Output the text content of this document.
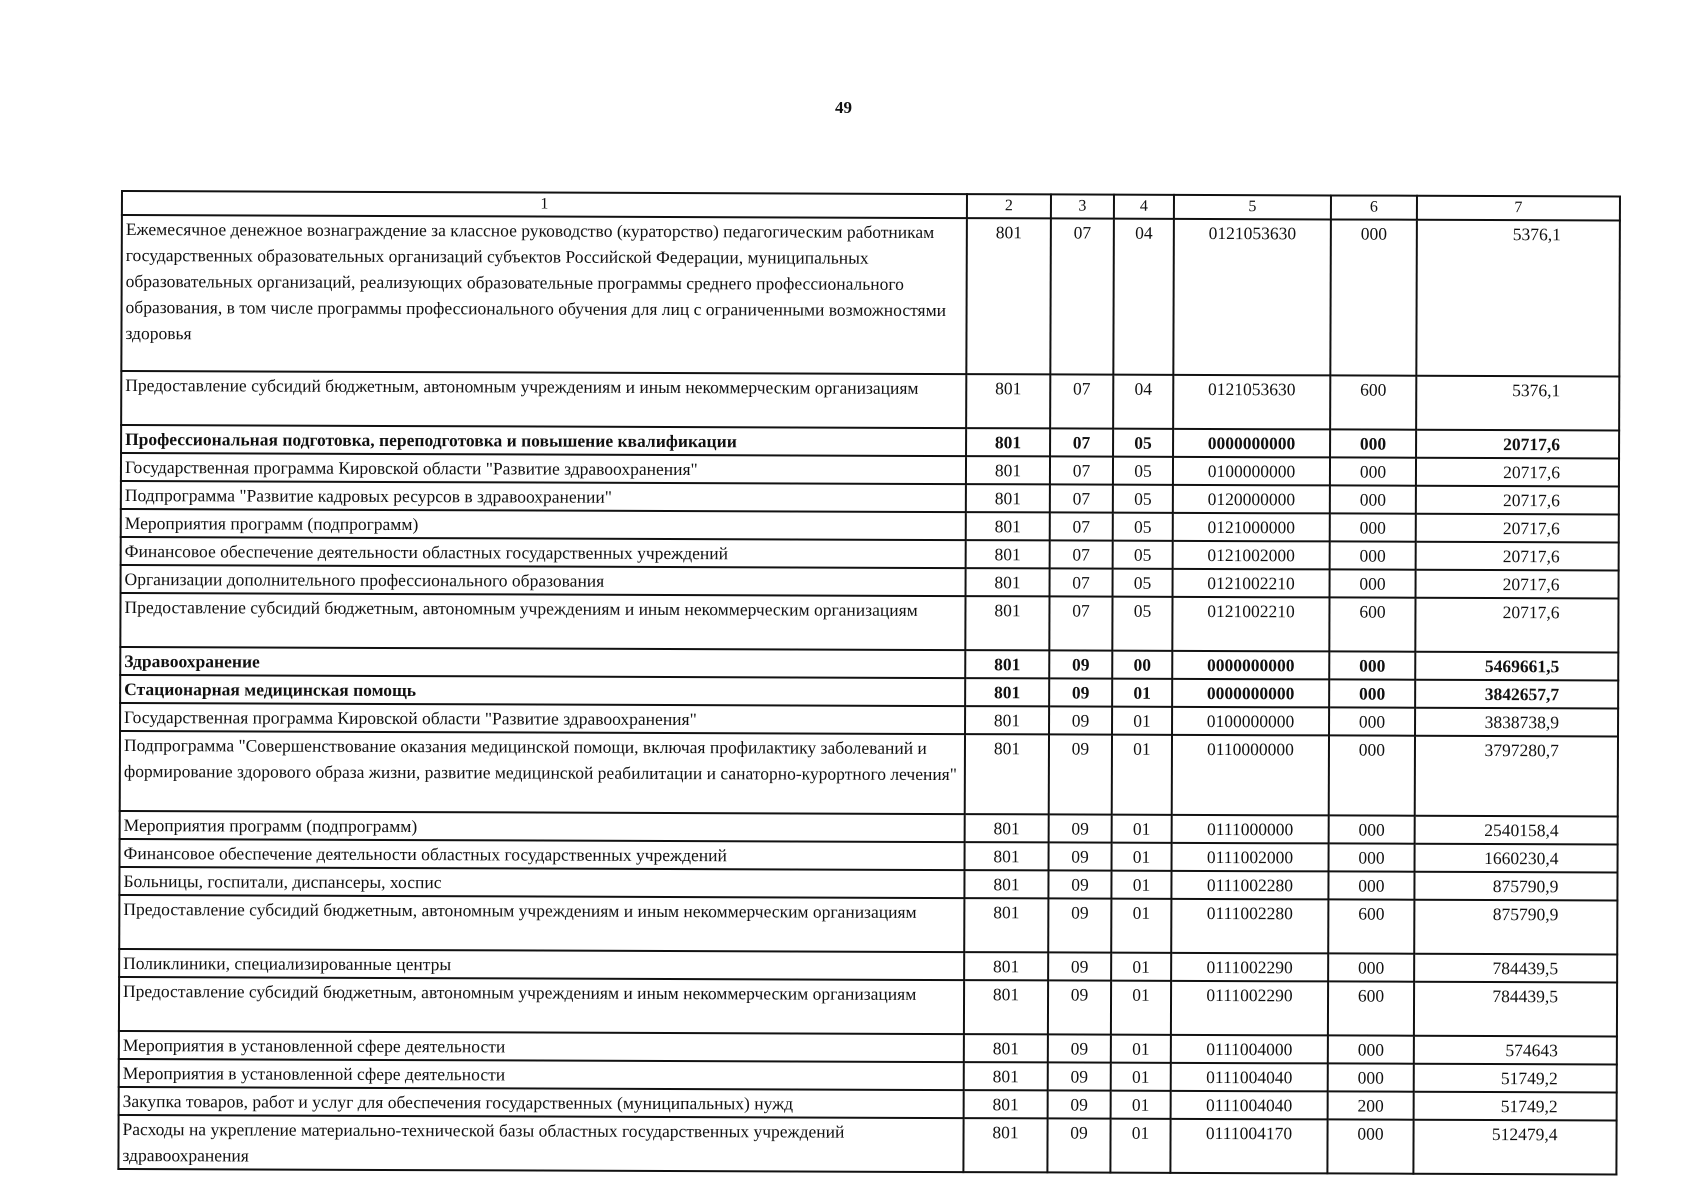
49
1	2	3	4	5	6	7
Ежемесячное денежное вознаграждение за классное руководство (кураторство) педагогическим работникам государственных образовательных организаций субъектов Российской Федерации, муниципальных образовательных организаций, реализующих образовательные программы среднего профессионального образования, в том числе программы профессионального обучения для лиц с ограниченными возможностями здоровья	801	07	04	0121053630	000	5376,1
Предоставление субсидий бюджетным, автономным учреждениям и иным некоммерческим организациям	801	07	04	0121053630	600	5376,1
Профессиональная подготовка, переподготовка и повышение квалификации	801	07	05	0000000000	000	20717,6
Государственная программа Кировской области "Развитие здравоохранения"	801	07	05	0100000000	000	20717,6
Подпрограмма "Развитие кадровых ресурсов в здравоохранении"	801	07	05	0120000000	000	20717,6
Мероприятия программ (подпрограмм)	801	07	05	0121000000	000	20717,6
Финансовое обеспечение деятельности областных государственных учреждений	801	07	05	0121002000	000	20717,6
Организации дополнительного профессионального образования	801	07	05	0121002210	000	20717,6
Предоставление субсидий бюджетным, автономным учреждениям и иным некоммерческим организациям	801	07	05	0121002210	600	20717,6
Здравоохранение	801	09	00	0000000000	000	5469661,5
Стационарная медицинская помощь	801	09	01	0000000000	000	3842657,7
Государственная программа Кировской области "Развитие здравоохранения"	801	09	01	0100000000	000	3838738,9
Подпрограмма "Совершенствование оказания медицинской помощи, включая профилактику заболеваний и формирование здорового образа жизни, развитие медицинской реабилитации и санаторно-курортного лечения"	801	09	01	0110000000	000	3797280,7
Мероприятия программ (подпрограмм)	801	09	01	0111000000	000	2540158,4
Финансовое обеспечение деятельности областных государственных учреждений	801	09	01	0111002000	000	1660230,4
Больницы, госпитали, диспансеры, хоспис	801	09	01	0111002280	000	875790,9
Предоставление субсидий бюджетным, автономным учреждениям и иным некоммерческим организациям	801	09	01	0111002280	600	875790,9
Поликлиники, специализированные центры	801	09	01	0111002290	000	784439,5
Предоставление субсидий бюджетным, автономным учреждениям и иным некоммерческим организациям	801	09	01	0111002290	600	784439,5
Мероприятия в установленной сфере деятельности	801	09	01	0111004000	000	574643
Мероприятия в установленной сфере деятельности	801	09	01	0111004040	000	51749,2
Закупка товаров, работ и услуг для обеспечения государственных (муниципальных) нужд	801	09	01	0111004040	200	51749,2
Расходы на укрепление материально-технической базы областных государственных учреждений здравоохранения	801	09	01	0111004170	000	512479,4
